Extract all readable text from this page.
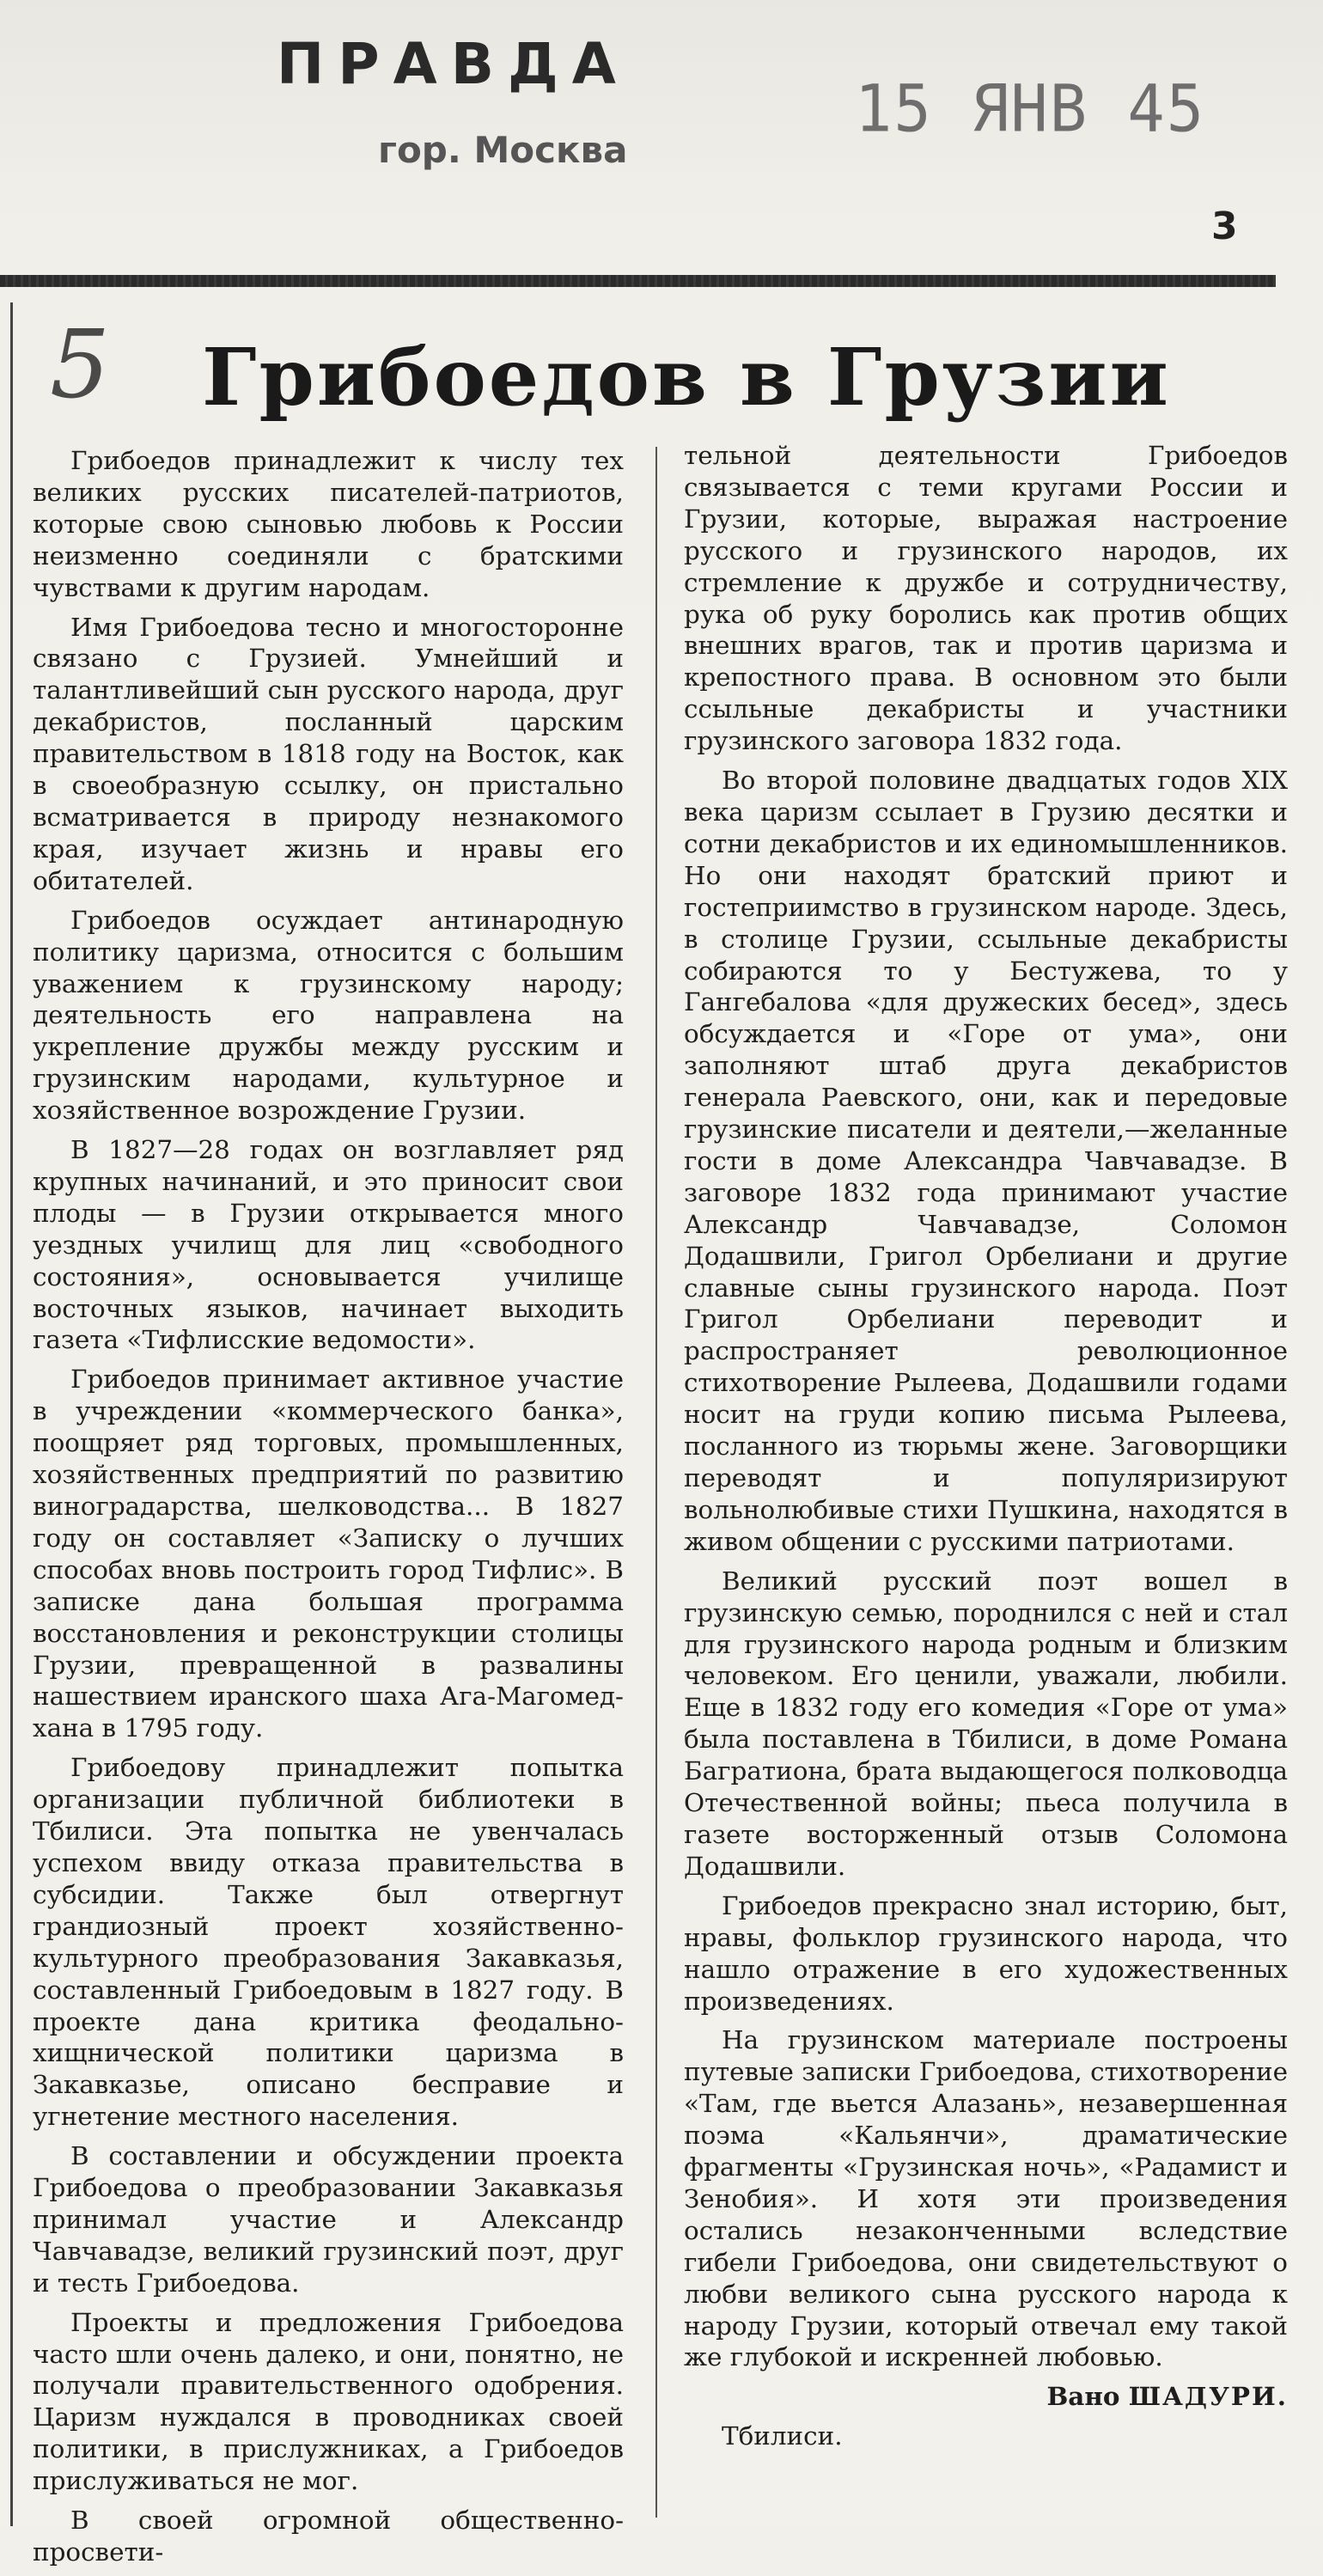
ПРАВДА
гор. Москва
15 ЯНВ 45
3
5 Грибоедов в Грузии

Грибоедов принадлежит к числу тех великих русских писателей-патриотов, которые свою сыновью любовь к России неизменно соединяли с братскими чувствами к другим народам.

Имя Грибоедова тесно и многосторонне связано с Грузией. Умнейший и талантливейший сын русского народа, друг декабристов, посланный царским правительством в 1818 году на Восток, как в своеобразную ссылку, он пристально всматривается в природу незнакомого края, изучает жизнь и нравы его обитателей.

Грибоедов осуждает антинародную политику царизма, относится с большим уважением к грузинскому народу; деятельность его направлена на укрепление дружбы между русским и грузинским народами, культурное и хозяйственное возрождение Грузии.

В 1827—28 годах он возглавляет ряд крупных начинаний, и это приносит свои плоды — в Грузии открывается много уездных училищ для лиц «свободного состояния», основывается училище восточных языков, начинает выходить газета «Тифлисские ведомости».

Грибоедов принимает активное участие в учреждении «коммерческого банка», поощряет ряд торговых, промышленных, хозяйственных предприятий по развитию виноградарства, шелководства... В 1827 году он составляет «Записку о лучших способах вновь построить город Тифлис». В записке дана большая программа восстановления и реконструкции столицы Грузии, превращенной в развалины нашествием иранского шаха Ага-Магомед-хана в 1795 году.

Грибоедову принадлежит попытка организации публичной библиотеки в Тбилиси. Эта попытка не увенчалась успехом ввиду отказа правительства в субсидии. Также был отвергнут грандиозный проект хозяйственно-культурного преобразования Закавказья, составленный Грибоедовым в 1827 году. В проекте дана критика феодально-хищнической политики царизма в Закавказье, описано бесправие и угнетение местного населения.

В составлении и обсуждении проекта Грибоедова о преобразовании Закавказья принимал участие и Александр Чавчавадзе, великий грузинский поэт, друг и тесть Грибоедова.

Проекты и предложения Грибоедова часто шли очень далеко, и они, понятно, не получали правительственного одобрения. Царизм нуждался в проводниках своей политики, в прислужниках, а Грибоедов прислуживаться не мог.

В своей огромной общественно-просвети-

тельной деятельности Грибоедов связывается с теми кругами России и Грузии, которые, выражая настроение русского и грузинского народов, их стремление к дружбе и сотрудничеству, рука об руку боролись как против общих внешних врагов, так и против царизма и крепостного права. В основном это были ссыльные декабристы и участники грузинского заговора 1832 года.

Во второй половине двадцатых годов XIX века царизм ссылает в Грузию десятки и сотни декабристов и их единомышленников. Но они находят братский приют и гостеприимство в грузинском народе. Здесь, в столице Грузии, ссыльные декабристы собираются то у Бестужева, то у Гангебалова «для дружеских бесед», здесь обсуждается и «Горе от ума», они заполняют штаб друга декабристов генерала Раевского, они, как и передовые грузинские писатели и деятели,—желанные гости в доме Александра Чавчавадзе. В заговоре 1832 года принимают участие Александр Чавчавадзе, Соломон Додашвили, Григол Орбелиани и другие славные сыны грузинского народа. Поэт Григол Орбелиани переводит и распространяет революционное стихотворение Рылеева, Додашвили годами носит на груди копию письма Рылеева, посланного из тюрьмы жене. Заговорщики переводят и популяризируют вольнолюбивые стихи Пушкина, находятся в живом общении с русскими патриотами.

Великий русский поэт вошел в грузинскую семью, породнился с ней и стал для грузинского народа родным и близким человеком. Его ценили, уважали, любили. Еще в 1832 году его комедия «Горе от ума» была поставлена в Тбилиси, в доме Романа Багратиона, брата выдающегося полководца Отечественной войны; пьеса получила в газете восторженный отзыв Соломона Додашвили.

Грибоедов прекрасно знал историю, быт, нравы, фольклор грузинского народа, что нашло отражение в его художественных произведениях.

На грузинском материале построены путевые записки Грибоедова, стихотворение «Там, где вьется Алазань», незавершенная поэма «Кальянчи», драматические фрагменты «Грузинская ночь», «Радамист и Зенобия». И хотя эти произведения остались незаконченными вследствие гибели Грибоедова, они свидетельствуют о любви великого сына русского народа к народу Грузии, который отвечал ему такой же глубокой и искренней любовью.

Вано ШАДУРИ.

Тбилиси.
